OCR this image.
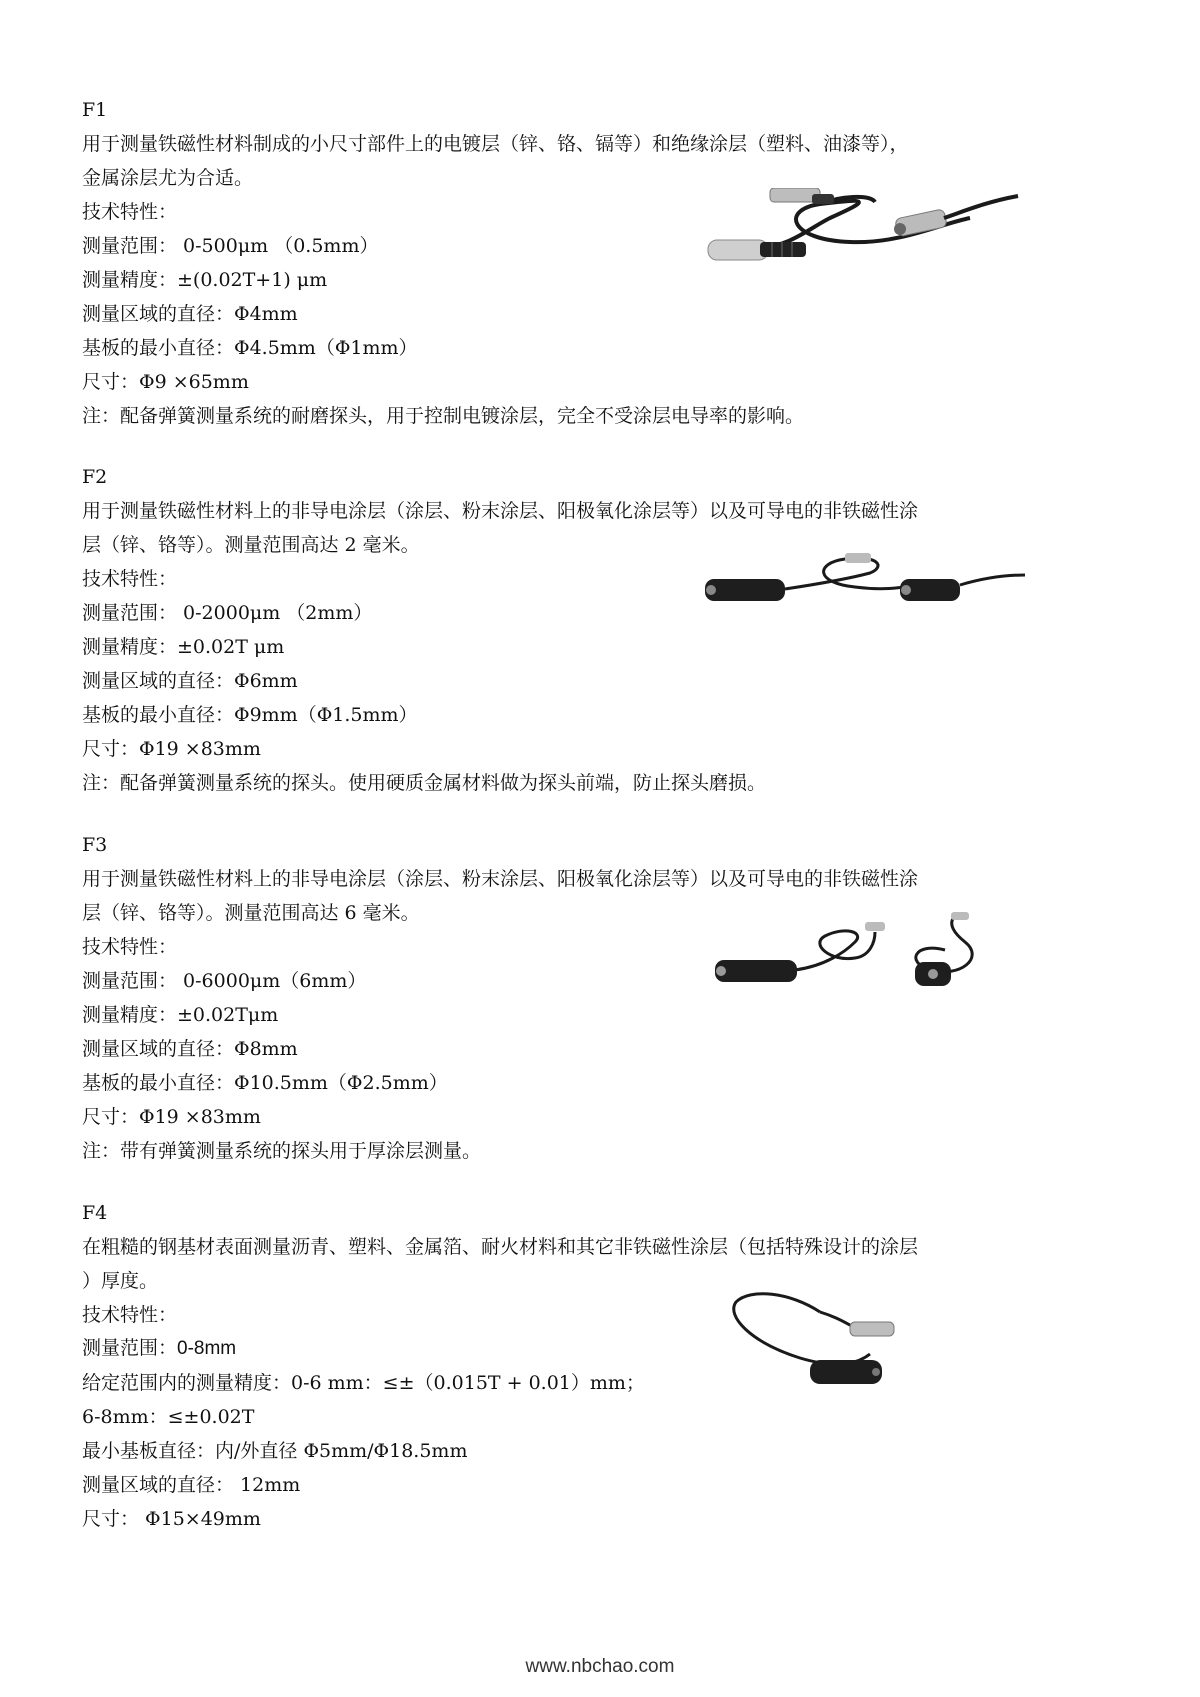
F1
用于测量铁磁性材料制成的小尺寸部件上的电镀层（锌、铬、镉等）和绝缘涂层（塑料、油漆等），
金属涂层尤为合适。
技术特性：
测量范围： 0-500μm （0.5mm）
测量精度：±(0.02T+1) μm
测量区域的直径：Φ4mm
基板的最小直径：Φ4.5mm（Φ1mm）
尺寸：Φ9 ×65mm
注：配备弹簧测量系统的耐磨探头，用于控制电镀涂层，完全不受涂层电导率的影响。
F2
用于测量铁磁性材料上的非导电涂层（涂层、粉末涂层、阳极氧化涂层等）以及可导电的非铁磁性涂
层（锌、铬等）。测量范围高达 2 毫米。
技术特性：
测量范围： 0-2000μm （2mm）
测量精度：±0.02T μm
测量区域的直径：Φ6mm
基板的最小直径：Φ9mm（Φ1.5mm）
尺寸：Φ19 ×83mm
注：配备弹簧测量系统的探头。使用硬质金属材料做为探头前端，防止探头磨损。
F3
用于测量铁磁性材料上的非导电涂层（涂层、粉末涂层、阳极氧化涂层等）以及可导电的非铁磁性涂
层（锌、铬等）。测量范围高达 6 毫米。
技术特性：
测量范围： 0-6000μm（6mm）
测量精度：±0.02Tμm
测量区域的直径：Φ8mm
基板的最小直径：Φ10.5mm（Φ2.5mm）
尺寸：Φ19 ×83mm
注：带有弹簧测量系统的探头用于厚涂层测量。
F4
在粗糙的钢基材表面测量沥青、塑料、金属箔、耐火材料和其它非铁磁性涂层（包括特殊设计的涂层
）厚度。
技术特性：
测量范围：0-8mm
给定范围内的测量精度：0-6 mm：≤±（0.015T + 0.01）mm；
6-8mm：≤±0.02T
最小基板直径：内/外直径 Φ5mm/Φ18.5mm
测量区域的直径： 12mm
尺寸： Φ15×49mm
www.nbchao.com
